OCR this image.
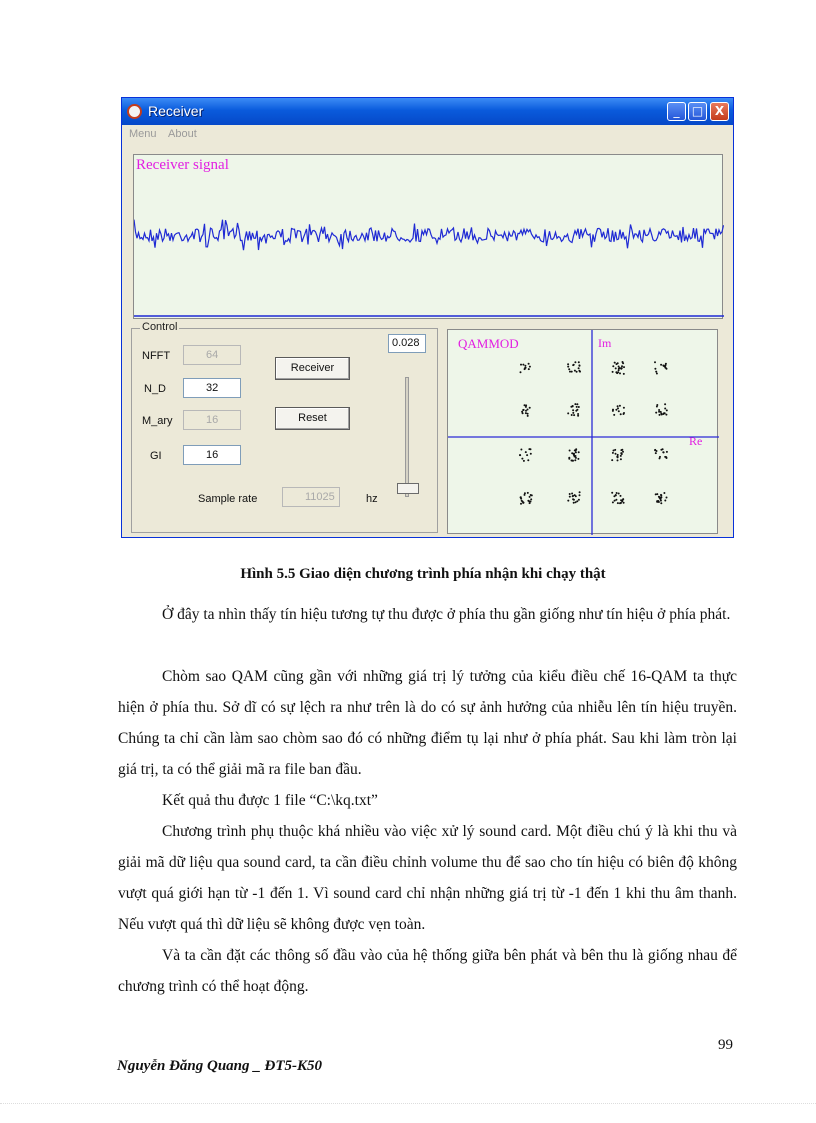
Receiver	_	□ X
Menu About
Receiver signal
Control
NFFT	64
N_D	32
M_ary	16
GI	16
Sample rate	11025	hz
Receiver
Reset
0.028	QAMMOD	Im
Re
Hình 5.5 Giao diện chương trình phía nhận khi chạy thật

Ở đây ta nhìn thấy tín hiệu tương tự thu được ở phía thu gần giống như tín hiệu ở phía phát.

Chòm sao QAM cũng gần với những giá trị lý tưởng của kiểu điều chế 16-QAM ta thực hiện ở phía thu. Sở dĩ có sự lệch ra như trên là do có sự ảnh hưởng của nhiễu lên tín hiệu truyền. Chúng ta chỉ cần làm sao chòm sao đó có những điểm tụ lại như ở phía phát. Sau khi làm tròn lại giá trị, ta có thể giải mã ra file ban đầu.

Kết quả thu được 1 file “C:\kq.txt”

Chương trình phụ thuộc khá nhiều vào việc xử lý sound card. Một điều chú ý là khi thu và giải mã dữ liệu qua sound card, ta cần điều chỉnh volume thu để sao cho tín hiệu có biên độ không vượt quá giới hạn từ -1 đến 1. Vì sound card chỉ nhận những giá trị từ -1 đến 1 khi thu âm thanh. Nếu vượt quá thì dữ liệu sẽ không được vẹn toàn.

Và ta cần đặt các thông số đầu vào của hệ thống giữa bên phát và bên thu là giống nhau để chương trình có thể hoạt động.

99
Nguyễn Đăng Quang _ ĐT5-K50
